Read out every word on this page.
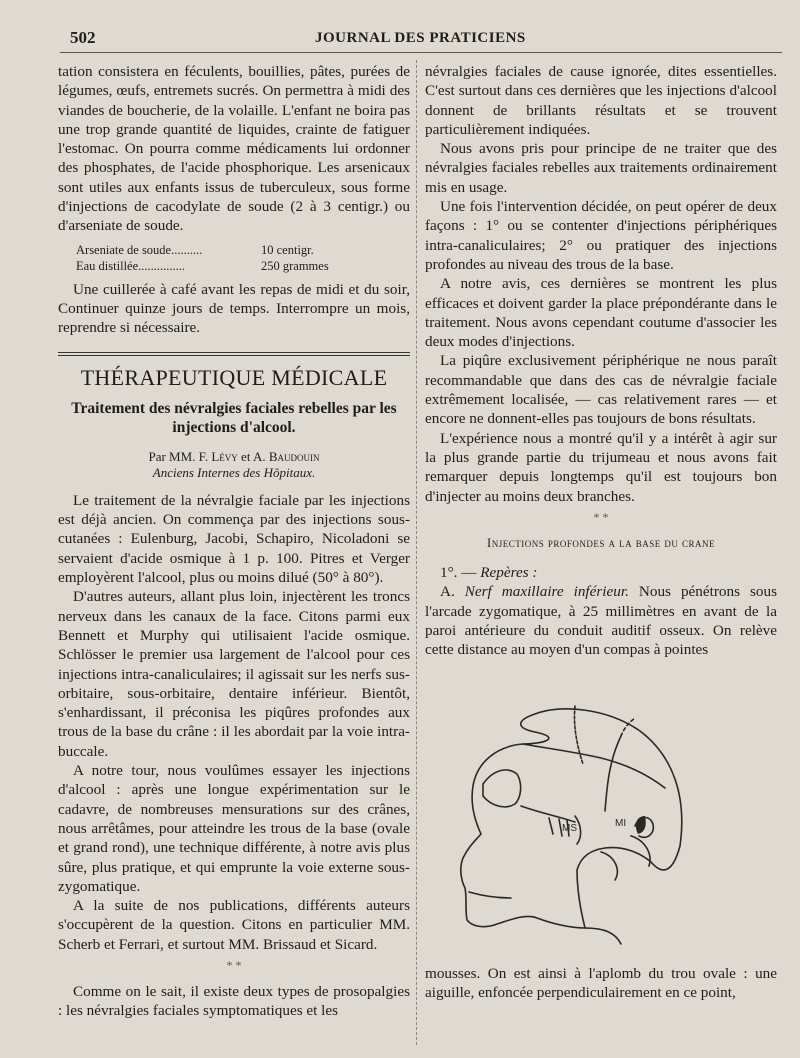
502	JOURNAL DES PRATICIENS

tation consistera en féculents, bouillies, pâtes, purées de légumes, œufs, entremets sucrés. On permettra à midi des viandes de boucherie, de la volaille. L'enfant ne boira pas une trop grande quantité de liquides, crainte de fatiguer l'estomac. On pourra comme médicaments lui ordonner des phosphates, de l'acide phosphorique. Les arsenicaux sont utiles aux enfants issus de tuberculeux, sous forme d'injections de cacodylate de soude (2 à 3 centigr.) ou d'arseniate de soude.

Arseniate de soude..........	10 centigr.
Eau distillée...............	250 grammes

Une cuillerée à café avant les repas de midi et du soir, Continuer quinze jours de temps. Interrompre un mois, reprendre si nécessaire.

THÉRAPEUTIQUE MÉDICALE
Traitement des névralgies faciales rebelles par les injections d'alcool.
Par MM. F. Lévy et A. Baudouin
Anciens Internes des Hôpitaux.

Le traitement de la névralgie faciale par les injections est déjà ancien. On commença par des injections sous-cutanées : Eulenburg, Jacobi, Schapiro, Nicoladoni se servaient d'acide osmique à 1 p. 100. Pitres et Verger employèrent l'alcool, plus ou moins dilué (50° à 80°).

D'autres auteurs, allant plus loin, injectèrent les troncs nerveux dans les canaux de la face. Citons parmi eux Bennett et Murphy qui utilisaient l'acide osmique. Schlösser le premier usa largement de l'alcool pour ces injections intra-canaliculaires; il agissait sur les nerfs sus-orbitaire, sous-orbitaire, dentaire inférieur. Bientôt, s'enhardissant, il préconisa les piqûres profondes aux trous de la base du crâne : il les abordait par la voie intra-buccale.

A notre tour, nous voulûmes essayer les injections d'alcool : après une longue expérimentation sur le cadavre, de nombreuses mensurations sur des crânes, nous arrêtâmes, pour atteindre les trous de la base (ovale et grand rond), une technique différente, à notre avis plus sûre, plus pratique, et qui emprunte la voie externe sous-zygomatique.

A la suite de nos publications, différents auteurs s'occupèrent de la question. Citons en particulier MM. Scherb et Ferrari, et surtout MM. Brissaud et Sicard.

* *

Comme on le sait, il existe deux types de prosopalgies : les névralgies faciales symptomatiques et les

névralgies faciales de cause ignorée, dites essentielles. C'est surtout dans ces dernières que les injections d'alcool donnent de brillants résultats et se trouvent particulièrement indiquées.

Nous avons pris pour principe de ne traiter que des névralgies faciales rebelles aux traitements ordinairement mis en usage.

Une fois l'intervention décidée, on peut opérer de deux façons : 1° ou se contenter d'injections périphériques intra-canaliculaires; 2° ou pratiquer des injections profondes au niveau des trous de la base.

A notre avis, ces dernières se montrent les plus efficaces et doivent garder la place prépondérante dans le traitement. Nous avons cependant coutume d'associer les deux modes d'injections.

La piqûre exclusivement périphérique ne nous paraît recommandable que dans des cas de névralgie faciale extrêmement localisée, — cas relativement rares — et encore ne donnent-elles pas toujours de bons résultats.

L'expérience nous a montré qu'il y a intérêt à agir sur la plus grande partie du trijumeau et nous avons fait remarquer depuis longtemps qu'il est toujours bon d'injecter au moins deux branches.

* *
Injections profondes a la base du crane

1°. — Repères :

A. Nerf maxillaire inférieur. Nous pénétrons sous l'arcade zygomatique, à 25 millimètres en avant de la paroi antérieure du conduit auditif osseux. On relève cette distance au moyen d'un compas à pointes

MS	MI

mousses. On est ainsi à l'aplomb du trou ovale : une aiguille, enfoncée perpendiculairement en ce point,
